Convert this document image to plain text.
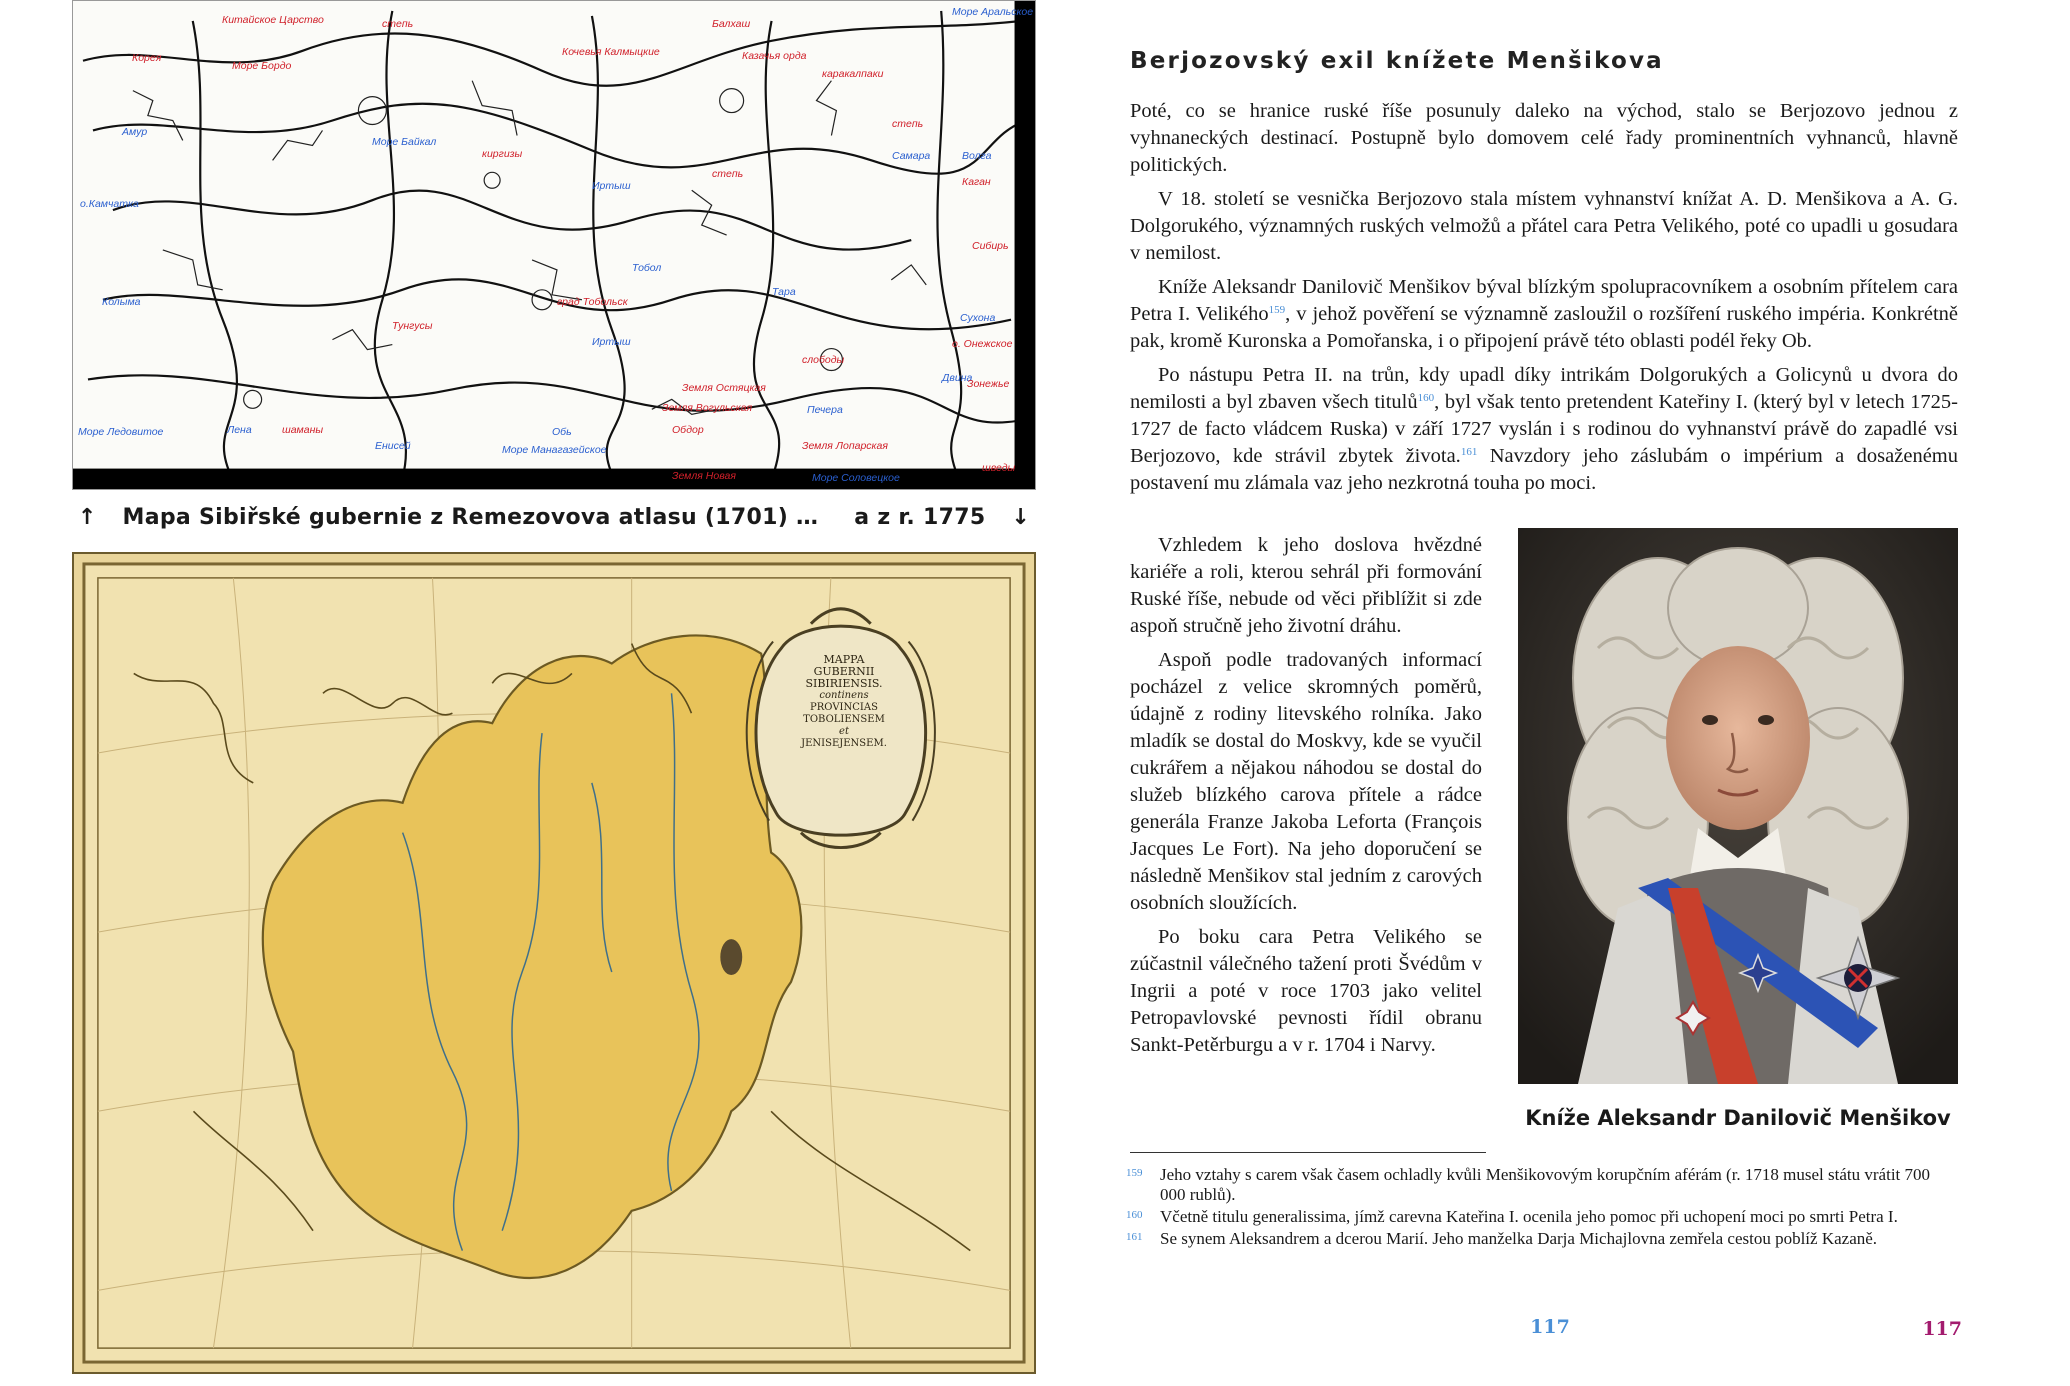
↑ Mapa Sibiřské gubernie z Remezovova atlasu (1701) … a z r. 1775 ↓
MAPPA
GUBERNII
SIBIRIENSIS.
continens
PROVINCIAS
TOBOLIENSEM
et
JENISEJENSEM.
Море Аральское
Амур
Море Байкал
о.Камчатка
Иртыш
Тобол
Тара
Сухона
Колыма
Двина
Лена
Енисей
Обь
Печера
Море Ледовитое
Море Манагазейское
Море Соловецкое
Волга
Иртыш
Самара
Китайское Царство
Корея
Море Бордо
степь	Балхаш
Кочевья Калмыцкие	Казачья орда
каракалпаки
степь
киргизы
степь
Каган
Сибирь
град Тобольск
слободы
Земля Остяцкая
Земля Вогульская
Обдор
Земля Новая
Земля Лопарская
шаманы
о. Онежское
Зонежье
шведы
Тунгусы
Berjozovský exil knížete Menšikova

Poté, co se hranice ruské říše posunuly daleko na východ, stalo se Berjozovo jednou z vyhnaneckých destinací. Postupně bylo domovem celé řady prominentních vyhnanců, hlavně politických.

V 18. století se vesnička Berjozovo stala místem vyhnanství knížat A. D. Menšikova a A. G. Dolgorukého, významných ruských velmožů a přátel cara Petra Velikého, poté co upadli u gosudara v nemilost.

Kníže Aleksandr Danilovič Menšikov býval blízkým spolupracovníkem a osobním přítelem cara Petra I. Velikého$^{159}$, v jehož pověření se významně zasloužil o rozšíření ruského impéria. Konkrétně pak, kromě Kuronska a Pomořanska, i o připojení právě této oblasti podél řeky Ob.

Po nástupu Petra II. na trůn, kdy upadl díky intrikám Dolgorukých a Golicynů u dvora do nemilosti a byl zbaven všech titulů$^{160}$, byl však tento pretendent Kateřiny I. (který byl v letech 1725-1727 de facto vládcem Ruska) v září 1727 vyslán i s rodinou do vyhnanství právě do zapadlé vsi Berjozovo, kde strávil zbytek života.$^{161}$ Navzdory jeho záslubám o impérium a dosaženému postavení mu zlámala vaz jeho nezkrotná touha po moci.

Vzhledem k jeho doslova hvězdné kariéře a roli, kterou sehrál při formování Ruské říše, nebude od věci přiblížit si zde aspoň stručně jeho životní dráhu.

Aspoň podle tradovaných informací pocházel z velice skromných poměrů, údajně z rodiny litevského rolníka. Jako mladík se dostal do Moskvy, kde se vyučil cukrářem a nějakou náhodou se dostal do služeb blízkého carova přítele a rádce generála Franze Jakoba Leforta (François Jacques Le Fort). Na jeho doporučení se následně Menšikov stal jedním z carových osobních sloužících.

Po boku cara Petra Velikého se zúčastnil válečného tažení proti Švédům v Ingrii a poté v roce 1703 jako velitel Petropavlovské pevnosti řídil obranu Sankt-Petěrburgu a v r. 1704 i Narvy.

Kníže Aleksandr Danilovič Menšikov
159 Jeho vztahy s carem však časem ochladly kvůli Menšikovovým korupčním aférám (r. 1718 musel státu vrátit 700 000 rublů).
160 Včetně titulu generalissima, jímž carevna Kateřina I. ocenila jeho pomoc při uchopení moci po smrti Petra I.
161 Se synem Aleksandrem a dcerou Marií. Jeho manželka Darja Michajlovna zemřela cestou poblíž Kazaně.
117	117
